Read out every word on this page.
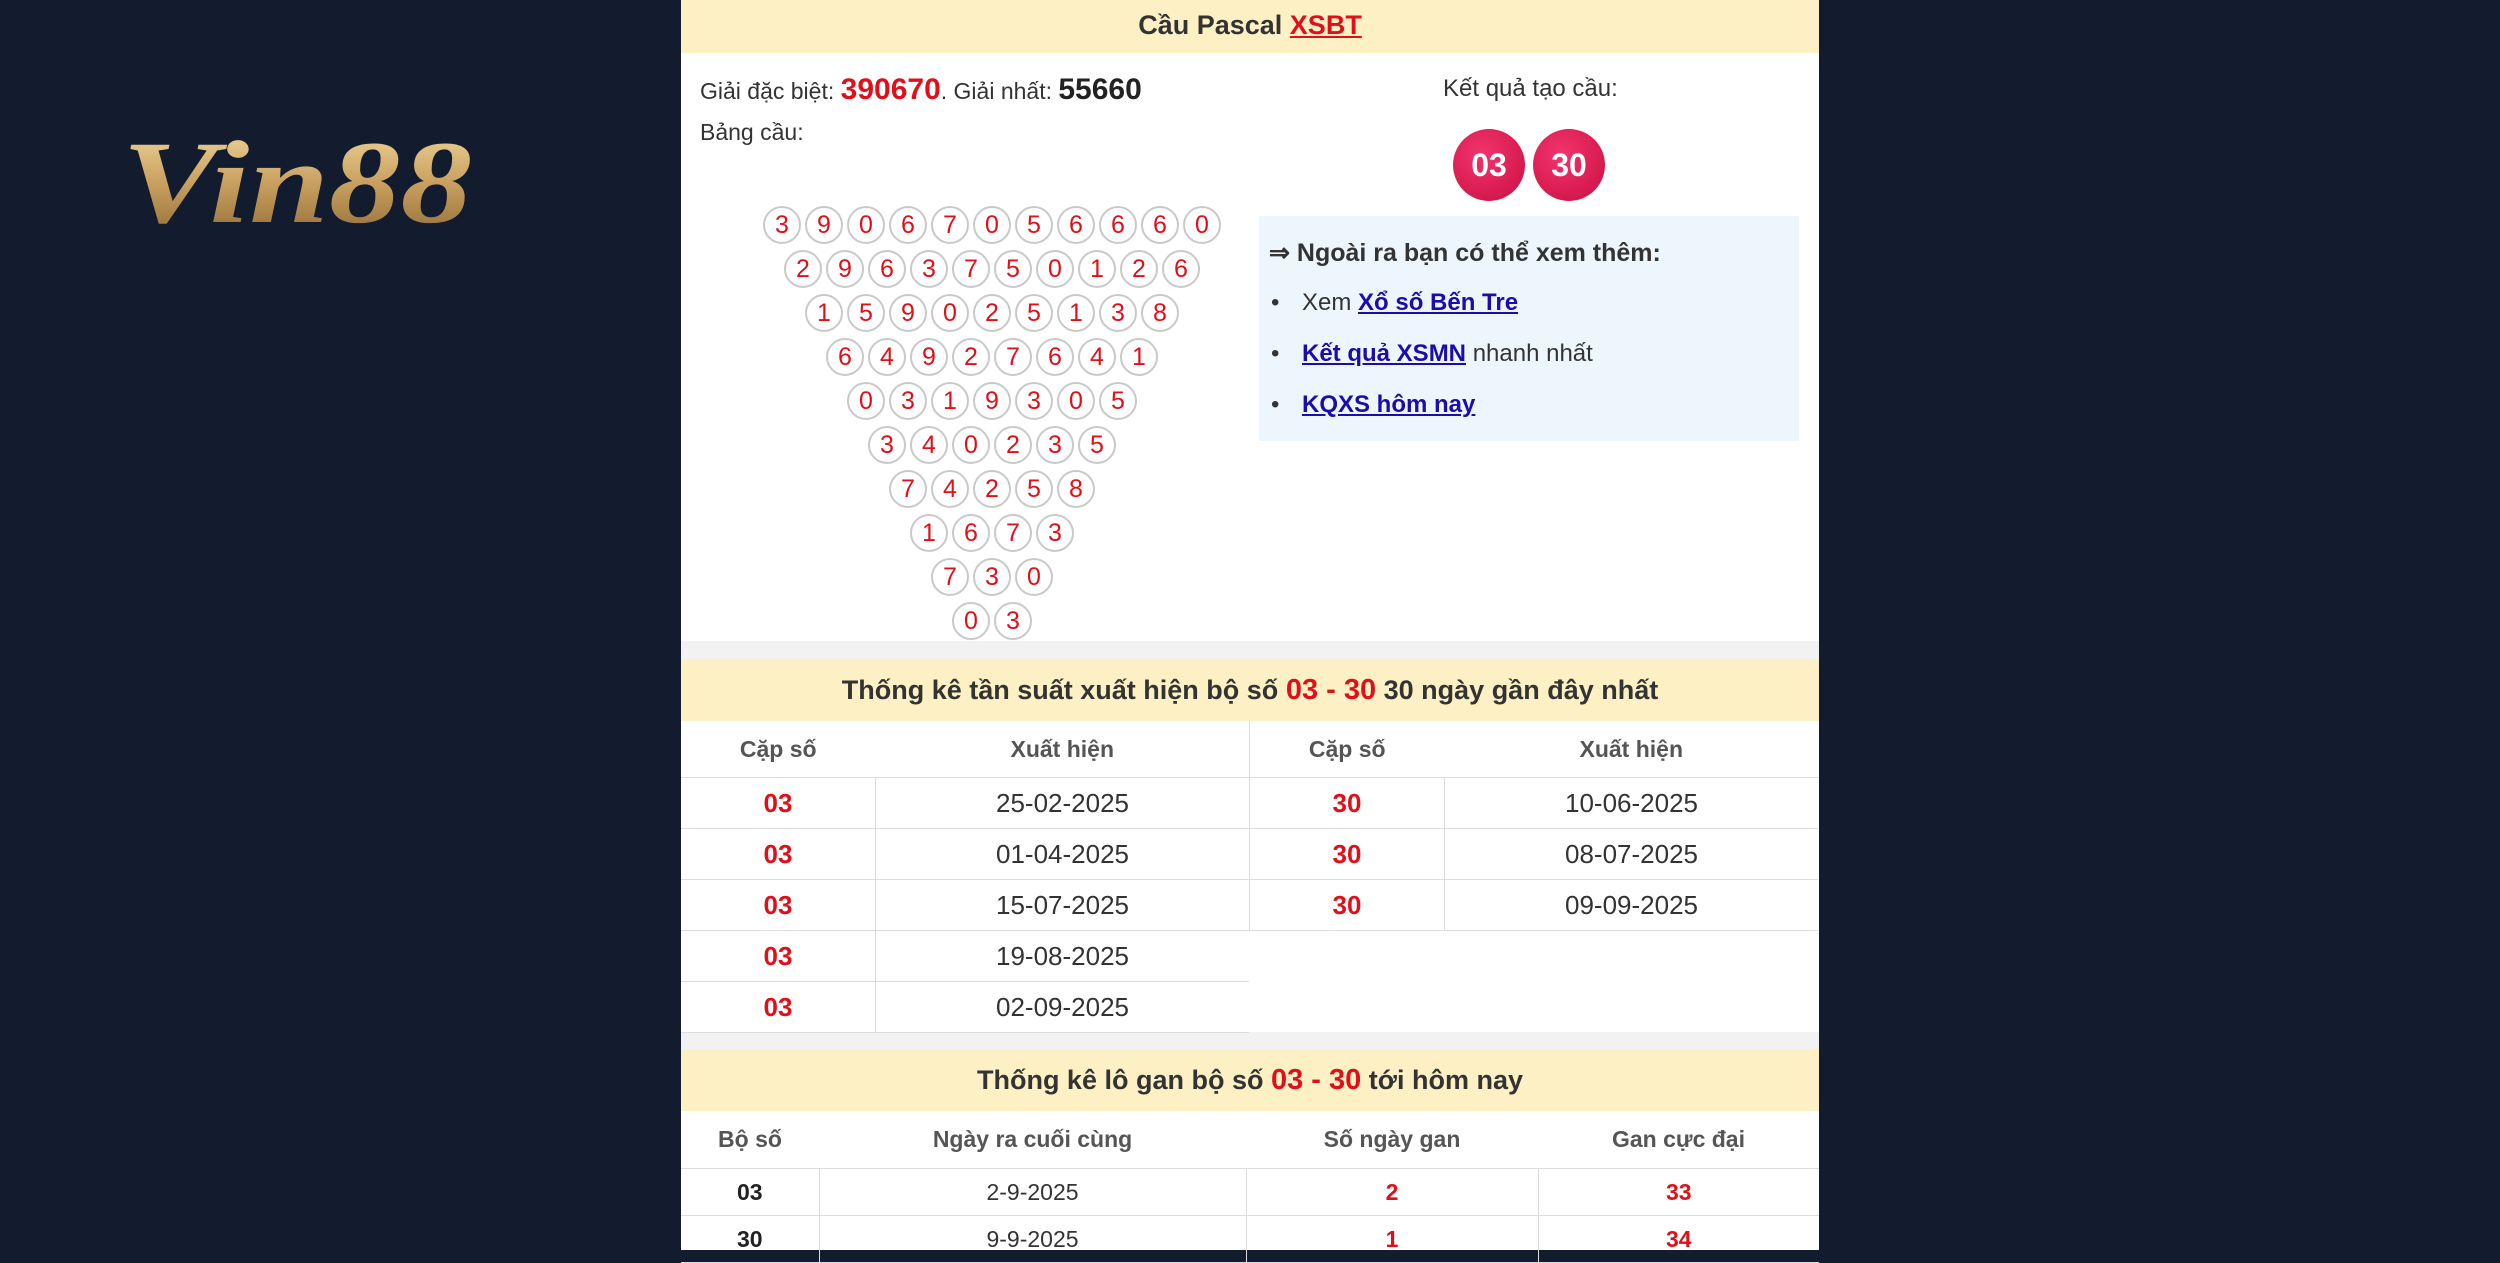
Vin88
Cầu Pascal XSBT
Giải đặc biệt: 390670. Giải nhất: 55660
Bảng cầu:
3	9	0	6	7	0	5	6	6	6	0
2	9	6	3	7	5	0	1	2	6
1	5	9	0	2	5	1	3	8
6	4	9	2	7	6	4	1
0	3	1	9	3	0	5
3	4	0	2	3	5
7	4	2	5	8
1	6	7	3
7	3	0
0	3
Kết quả tạo cầu:
03	30
⇒ Ngoài ra bạn có thể xem thêm:
• Xem Xổ số Bến Tre
• Kết quả XSMN nhanh nhất
• KQXS hôm nay
Thống kê tần suất xuất hiện bộ số 03 - 30 30 ngày gần đây nhất
Cặp số	Xuất hiện
03	25-02-2025
03	01-04-2025
03	15-07-2025
03	19-08-2025
03	02-09-2025
Cặp số	Xuất hiện
30	10-06-2025
30	08-07-2025
30	09-09-2025
Thống kê lô gan bộ số 03 - 30 tới hôm nay
Bộ số	Ngày ra cuối cùng	Số ngày gan	Gan cực đại
03	2-9-2025	2	33
30	9-9-2025	1	34
